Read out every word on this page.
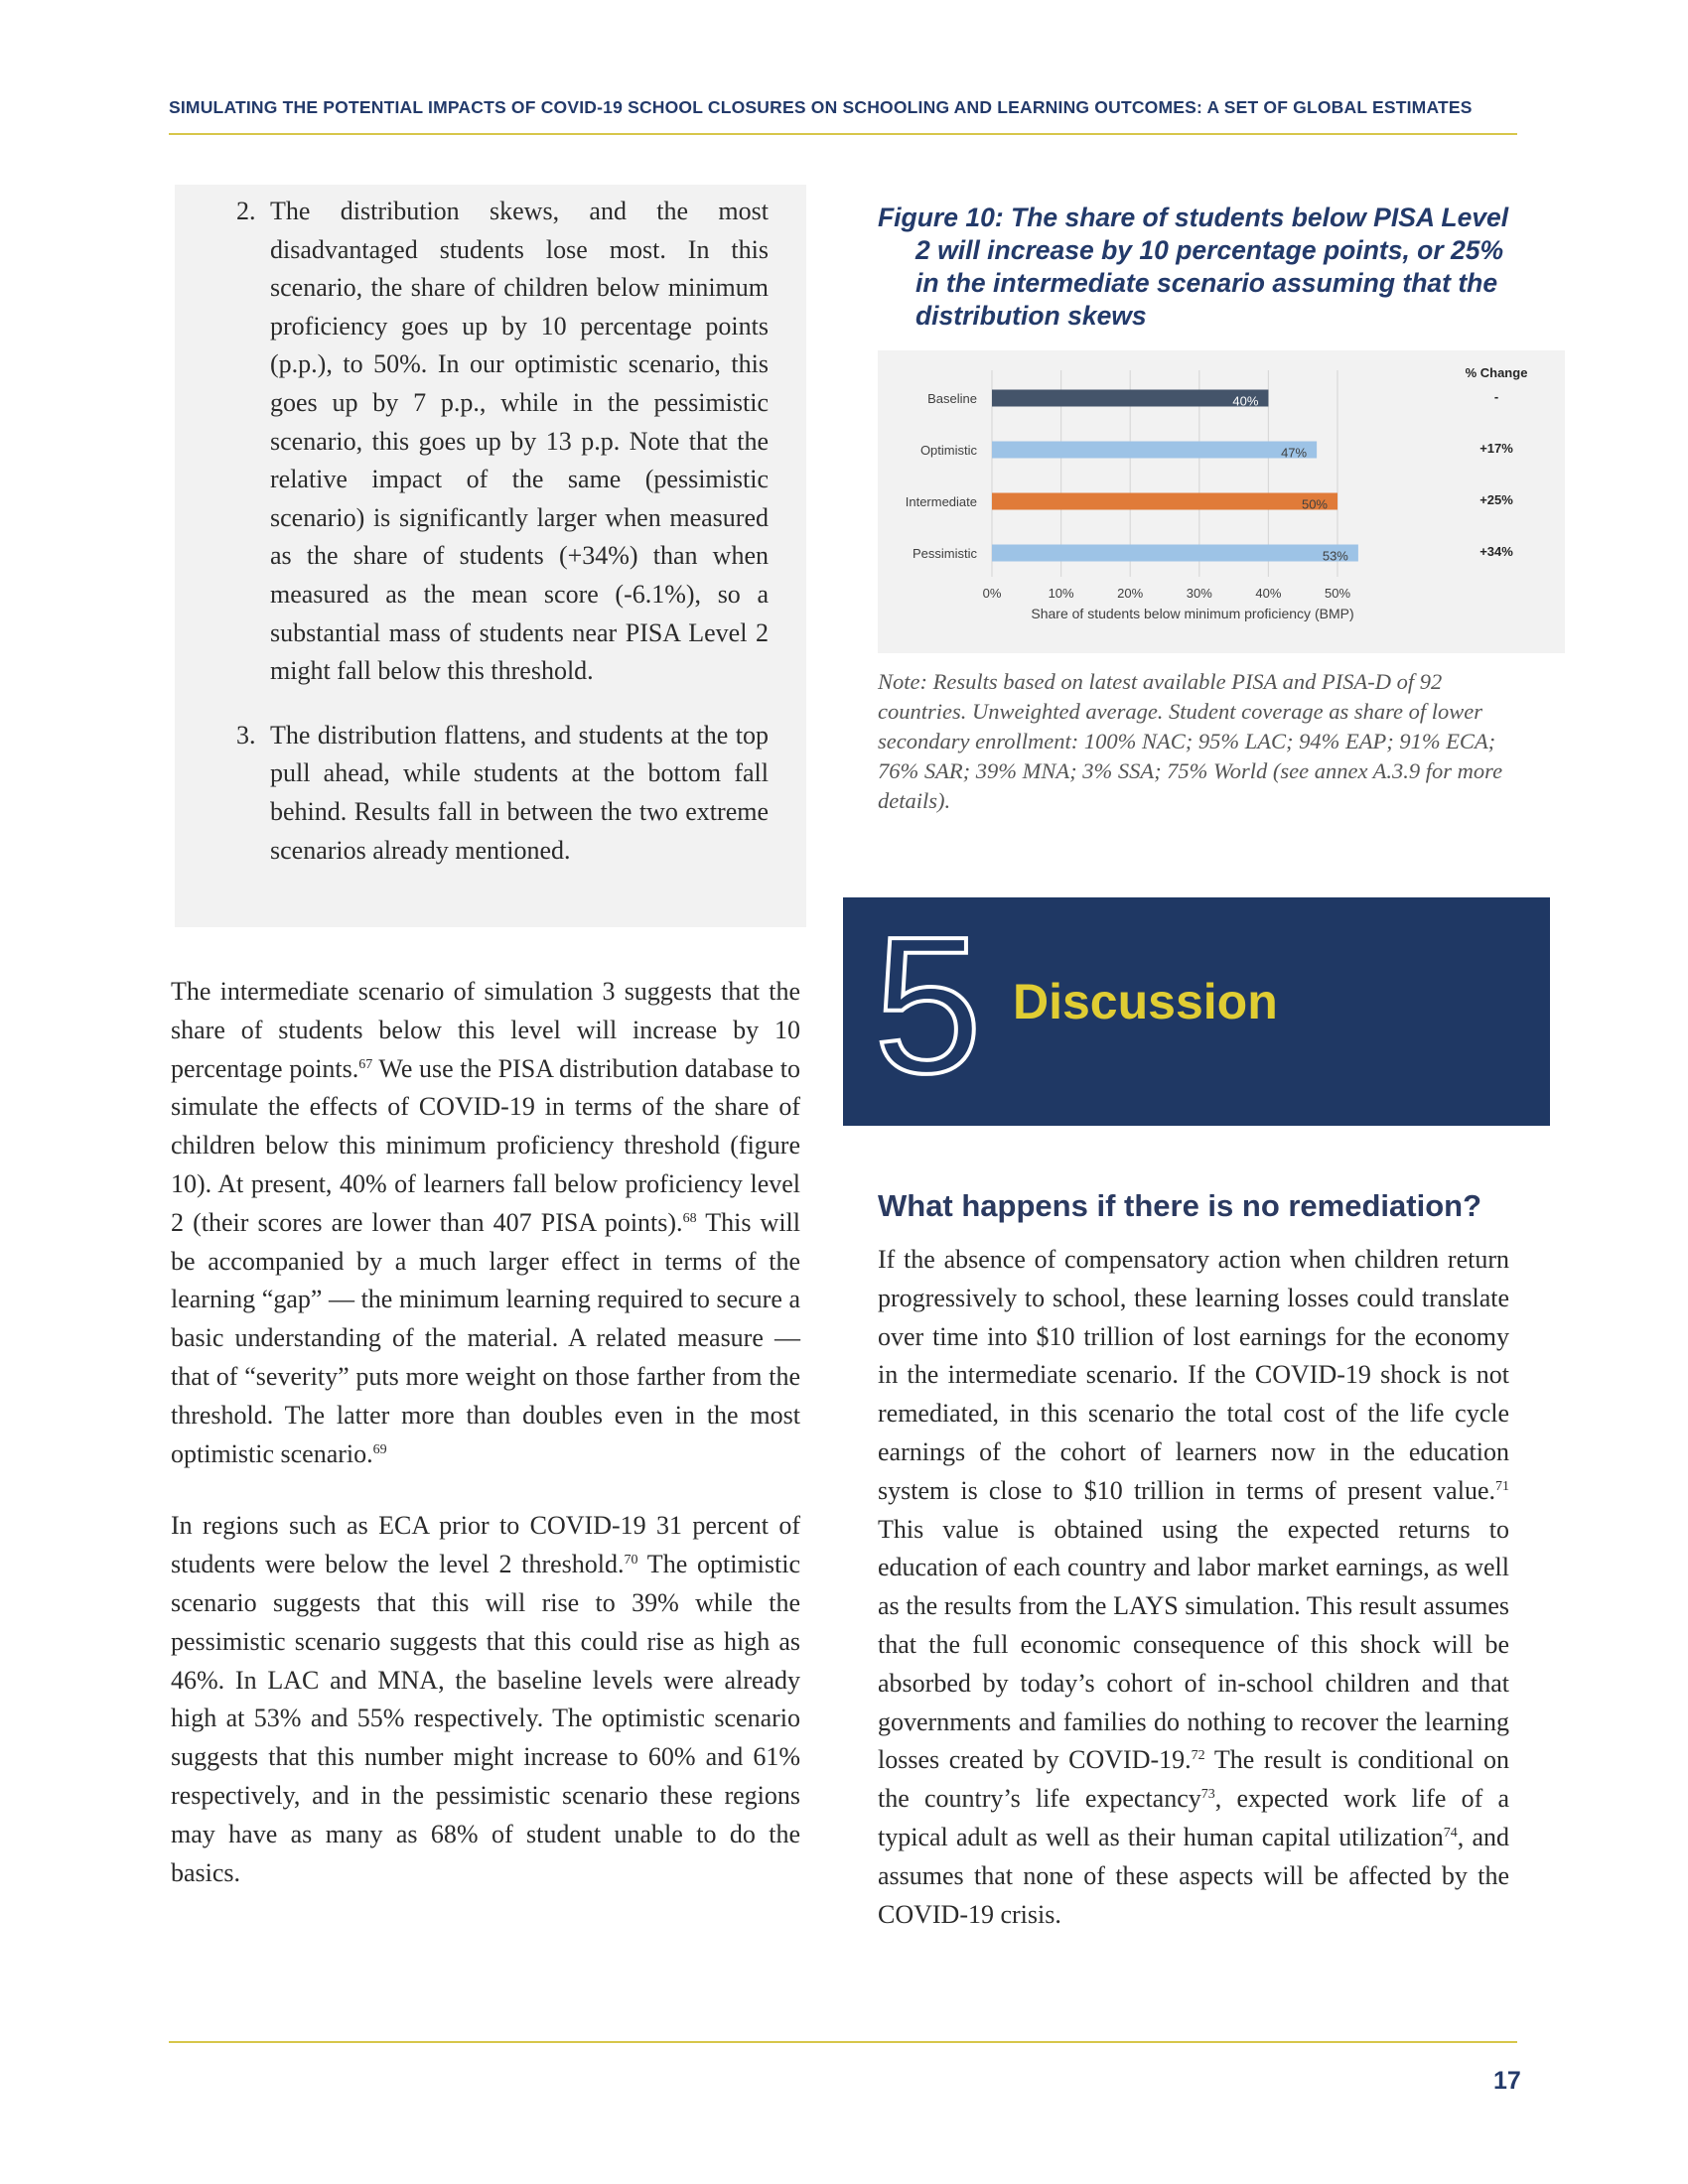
SIMULATING THE POTENTIAL IMPACTS OF COVID-19 SCHOOL CLOSURES ON SCHOOLING AND LEARNING OUTCOMES: A SET OF GLOBAL ESTIMATES
2. The distribution skews, and the most disadvantaged students lose most. In this scenario, the share of children below minimum proficiency goes up by 10 percentage points (p.p.), to 50%. In our optimistic scenario, this goes up by 7 p.p., while in the pessimistic scenario, this goes up by 13 p.p. Note that the relative impact of the same (pessimistic scenario) is significantly larger when measured as the share of students (+34%) than when measured as the mean score (-6.1%), so a substantial mass of students near PISA Level 2 might fall below this threshold.
3. The distribution flattens, and students at the top pull ahead, while students at the bottom fall behind. Results fall in between the two extreme scenarios already mentioned.

The intermediate scenario of simulation 3 suggests that the share of students below this level will increase by 10 percentage points.$^{67}$ We use the PISA distribution database to simulate the effects of COVID-19 in terms of the share of children below this minimum proficiency threshold (figure 10). At present, 40% of learners fall below proficiency level 2 (their scores are lower than 407 PISA points).$^{68}$ This will be accompanied by a much larger effect in terms of the learning “gap” — the minimum learning required to secure a basic understanding of the material. A related measure — that of “severity” puts more weight on those farther from the threshold. The latter more than doubles even in the most optimistic scenario.$^{69}$

In regions such as ECA prior to COVID-19 31 percent of students were below the level 2 threshold.$^{70}$ The optimistic scenario suggests that this will rise to 39% while the pessimistic scenario suggests that this could rise as high as 46%. In LAC and MNA, the baseline levels were already high at 53% and 55% respectively. The optimistic scenario suggests that this number might increase to 60% and 61% respectively, and in the pessimistic scenario these regions may have as many as 68% of student unable to do the basics.

Figure 10: The share of students below PISA Level
2 will increase by 10 percentage points, or 25% in the intermediate scenario assuming that the distribution skews
0%	10%	20%	30%	40%	50%
Share of students below minimum proficiency (BMP)
% Change
Baseline	40%	-
Optimistic	47%	+17%
Intermediate	50%	+25%
Pessimistic	53%	+34%
Note: Results based on latest available PISA and PISA-D of 92 countries. Unweighted average. Student coverage as share of lower secondary enrollment: 100% NAC; 95% LAC; 94% EAP; 91% ECA; 76% SAR; 39% MNA; 3% SSA; 75% World (see annex A.3.9 for more details).
5 Discussion
What happens if there is no remediation?

If the absence of compensatory action when children return progressively to school, these learning losses could translate over time into $10 trillion of lost earnings for the economy in the intermediate scenario. If the COVID-19 shock is not remediated, in this scenario the total cost of the life cycle earnings of the cohort of learners now in the education system is close to $10 trillion in terms of present value.$^{71}$ This value is obtained using the expected returns to education of each country and labor market earnings, as well as the results from the LAYS simulation. This result assumes that the full economic consequence of this shock will be absorbed by today’s cohort of in-school children and that governments and families do nothing to recover the learning losses created by COVID-19.72 The result is conditional on the country’s life expectancy$^{73}$, expected work life of a typical adult as well as their human capital utilization$^{74}$, and assumes that none of these aspects will be affected by the COVID-19 crisis.

17
